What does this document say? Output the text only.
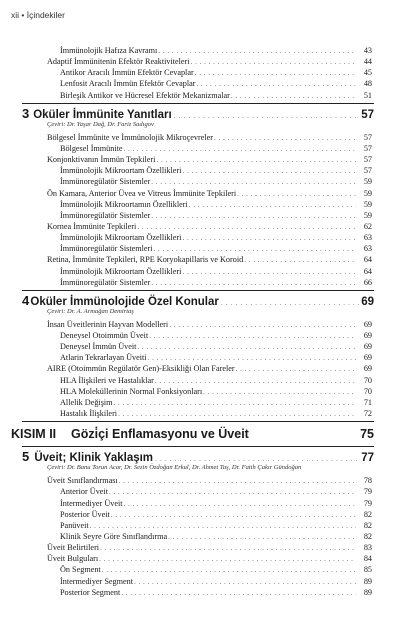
xii • İçindekiler
İmmünolojik Hafıza Kavramı . . .	43
Adaptif İmmünitenin Efektör Reaktiviteleri . . .	44
Antikor Aracılı İmmün Efektör Cevaplar . . .	45
Lenfosit Aracılı İmmün Efektör Cevaplar . . .	48
Birleşik Antikor ve Hücresel Efektör Mekanizmalar . . .	51
3 Oküler İmmünite Yanıtları . . .	57
Çeviri: Dr. Yaşar Dağ, Dr. Fariz Sadıgov
Bölgesel İmmünite ve İmmünolojik Mikroçevreler . . .	57
Bölgesel İmmünite . . .	57
Konjonktivanın İmmün Tepkileri . . .	57
İmmünolojik Mikroortam Özellikleri . . .	57
İmmünoregülatör Sistemler . . .	59
Ön Kamara, Anterior Üvea ve Vitreus İmmünite Tepkileri . . .	59
İmmünolojik Mikroortamın Özellikleri . . .	59
İmmünoregülatör Sistemler . . .	59
Kornea İmmünite Tepkileri . . .	62
İmmünolojik Mikroortam Özellikleri . . .	63
İmmünoregülatör Sistemleri . . .	63
Retina, İmmünite Tepkileri, RPE Koryokapillaris ve Koroid . . .	64
İmmünolojik Mikroortam Özellikleri . . .	64
İmmünoregülatör Sistemler . . .	66
4 Oküler İmmünolojide Özel Konular . . .	69
Çeviri: Dr. A. Armağan Demirtaş
İnsan Üveitlerinin Hayvan Modelleri . . .	69
Deneysel Otoimmün Üveit . . .	69
Deneysel İmmün Üveit . . .	69
Atlarin Tekrarlayan Üveiti . . .	69
AIRE (Otoimmün Regülatör Gen)-Eksikliği Olan Fareler . . .	69
HLA İlişkileri ve Hastalıklar . . .	70
HLA Moleküllerinin Normal Fonksiyonları . . .	70
Allelik Değişim . . .	71
Hastalık İlişkileri . . .	72
KISIM II	Gözi̇çi Enflamasyonu ve Üveit	75
5 Üveit; Klinik Yaklaşım . . .	77
Çeviri: Dr. Banu Torun Acar, Dr. Sezin Özdoğan Erkul, Dr. Ahmet Taş, Dr. Fatih Çakır Gündoğan
Üveit Sınıflandırması . . .	78
Anterior Üveit . . .	79
İntermediyer Üveit . . .	79
Posterior Üveit . . .	82
Panüveit . . .	82
Klinik Seyre Göre Sınıflandırma . . .	82
Üveit Belirtileri . . .	83
Üveit Bulguları . . .	84
Ön Segment . . .	85
İntermediyer Segment . . .	89
Posterior Segment . . .	89
